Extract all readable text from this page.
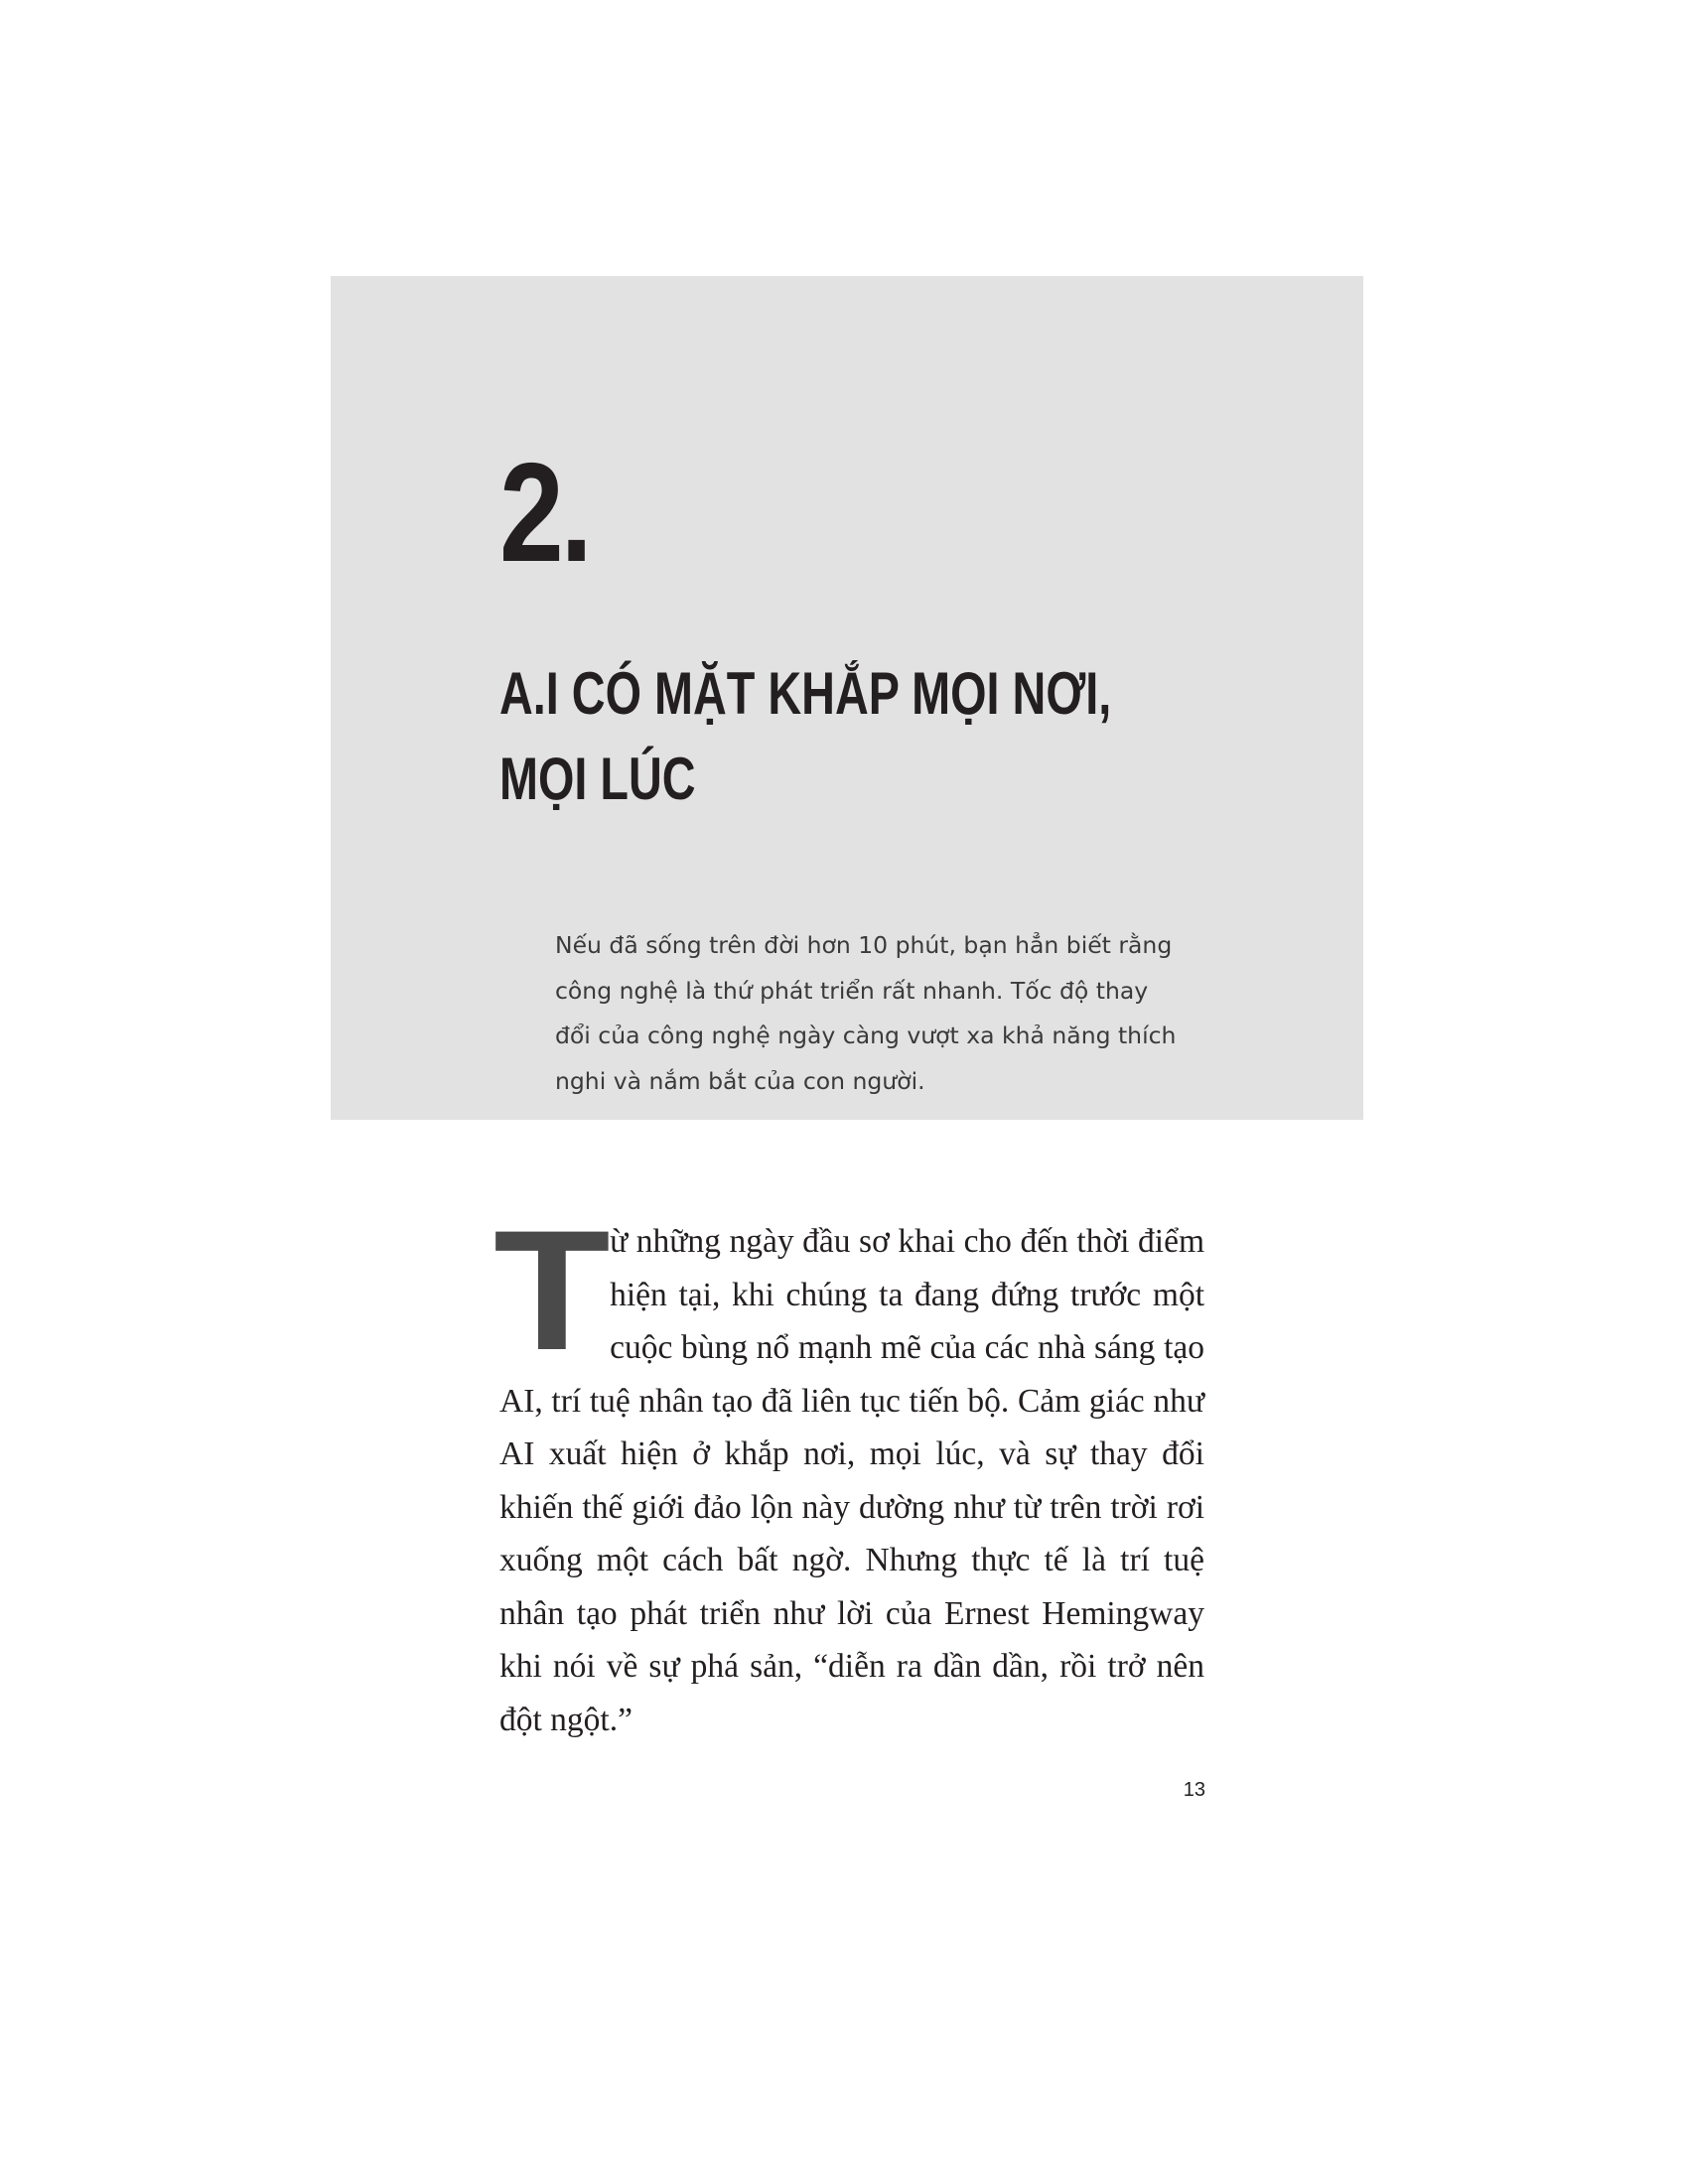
2.
A.I CÓ MẶT KHẮP MỌI NƠI,
MỌI LÚC

Nếu đã sống trên đời hơn 10 phút, bạn hẳn biết rằng công nghệ là thứ phát triển rất nhanh. Tốc độ thay đổi của công nghệ ngày càng vượt xa khả năng thích nghi và nắm bắt của con người.

Từ những ngày đầu sơ khai cho đến thời điểm hiện tại, khi chúng ta đang đứng trước một cuộc bùng nổ mạnh mẽ của các nhà sáng tạo AI, trí tuệ nhân tạo đã liên tục tiến bộ. Cảm giác như AI xuất hiện ở khắp nơi, mọi lúc, và sự thay đổi khiến thế giới đảo lộn này dường như từ trên trời rơi xuống một cách bất ngờ. Nhưng thực tế là trí tuệ nhân tạo phát triển như lời của Ernest Hemingway khi nói về sự phá sản, “diễn ra dần dần, rồi trở nên đột ngột.”

13
